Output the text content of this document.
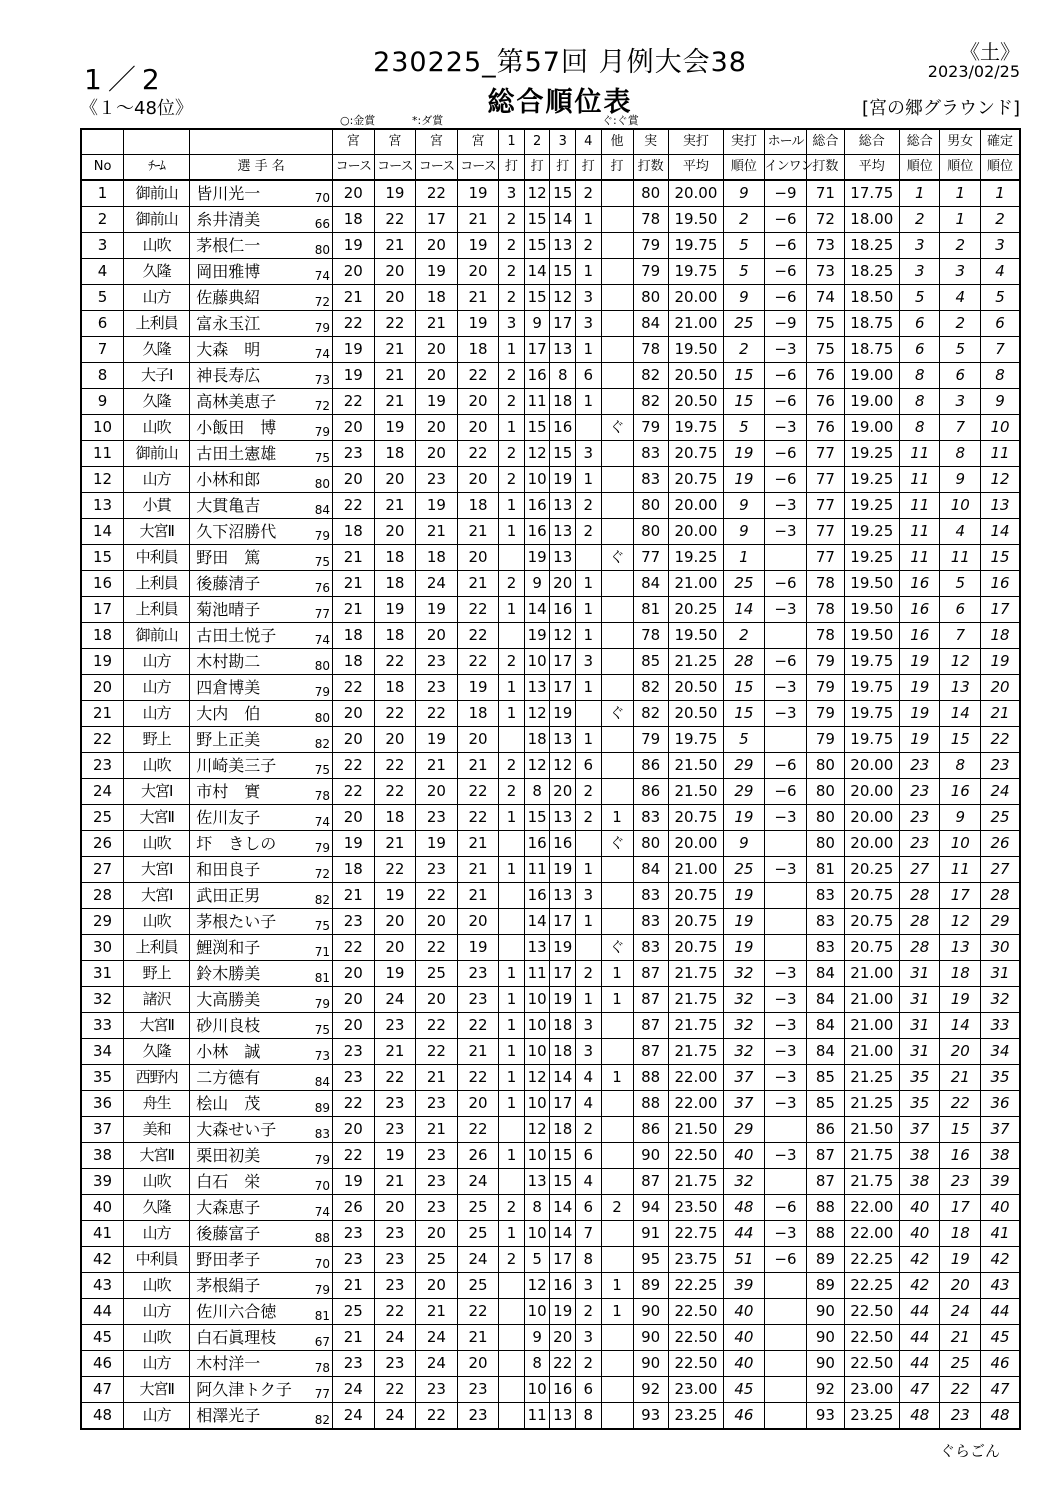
1／2
《１～48位》
230225_第57回 月例大会38
総合順位表
《土》
2023/02/25
[宮の郷グラウンド]
○:金賞	*:ダ賞	ぐ:ぐ賞
			宮	宮	宮	宮	1	2	3	4	他	実	実打	実打	ホール	総合	総合	総合	男女	確定
No	ﾁｰﾑ	選 手 名	コース	コース	コース	コース	打	打	打	打	打	打数	平均	順位	インワン	打数	平均	順位	順位	順位
1	御前山	皆川光一 70	20	19	22	19	3	12	15	2		80	20.00	9	−9	71	17.75	1	1	1
2	御前山	糸井清美 66	18	22	17	21	2	15	14	1		78	19.50	2	−6	72	18.00	2	1	2
3	山吹	茅根仁一 80	19	21	20	19	2	15	13	2		79	19.75	5	−6	73	18.25	3	2	3
4	久隆	岡田雅博 74	20	20	19	20	2	14	15	1		79	19.75	5	−6	73	18.25	3	3	4
5	山方	佐藤典紹 72	21	20	18	21	2	15	12	3		80	20.00	9	−6	74	18.50	5	4	5
6	上利員	富永玉江 79	22	22	21	19	3	9	17	3		84	21.00	25	−9	75	18.75	6	2	6
7	久隆	大森　明 74	19	21	20	18	1	17	13	1		78	19.50	2	−3	75	18.75	6	5	7
8	大子Ⅰ	神長寿広 73	19	21	20	22	2	16	8	6		82	20.50	15	−6	76	19.00	8	6	8
9	久隆	高林美恵子 72	22	21	19	20	2	11	18	1		82	20.50	15	−6	76	19.00	8	3	9
10	山吹	小飯田　博 79	20	19	20	20	1	15	16		ぐ	79	19.75	5	−3	76	19.00	8	7	10
11	御前山	古田土憲雄 75	23	18	20	22	2	12	15	3		83	20.75	19	−6	77	19.25	11	8	11
12	山方	小林和郎 80	20	20	23	20	2	10	19	1		83	20.75	19	−6	77	19.25	11	9	12
13	小貫	大貫亀吉 84	22	21	19	18	1	16	13	2		80	20.00	9	−3	77	19.25	11	10	13
14	大宮Ⅱ	久下沼勝代 79	18	20	21	21	1	16	13	2		80	20.00	9	−3	77	19.25	11	4	14
15	中利員	野田　篤 75	21	18	18	20		19	13		ぐ	77	19.25	1		77	19.25	11	11	15
16	上利員	後藤清子 76	21	18	24	21	2	9	20	1		84	21.00	25	−6	78	19.50	16	5	16
17	上利員	菊池晴子 77	21	19	19	22	1	14	16	1		81	20.25	14	−3	78	19.50	16	6	17
18	御前山	古田土悦子 74	18	18	20	22		19	12	1		78	19.50	2		78	19.50	16	7	18
19	山方	木村勘二 80	18	22	23	22	2	10	17	3		85	21.25	28	−6	79	19.75	19	12	19
20	山方	四倉博美 79	22	18	23	19	1	13	17	1		82	20.50	15	−3	79	19.75	19	13	20
21	山方	大内　伯 80	20	22	22	18	1	12	19		ぐ	82	20.50	15	−3	79	19.75	19	14	21
22	野上	野上正美 82	20	20	19	20		18	13	1		79	19.75	5		79	19.75	19	15	22
23	山吹	川崎美三子 75	22	22	21	21	2	12	12	6		86	21.50	29	−6	80	20.00	23	8	23
24	大宮Ⅰ	市村　實 78	22	22	20	22	2	8	20	2		86	21.50	29	−6	80	20.00	23	16	24
25	大宮Ⅱ	佐川友子 74	20	18	23	22	1	15	13	2	1	83	20.75	19	−3	80	20.00	23	9	25
26	山吹	圷　きしの 79	19	21	19	21		16	16		ぐ	80	20.00	9		80	20.00	23	10	26
27	大宮Ⅰ	和田良子 72	18	22	23	21	1	11	19	1		84	21.00	25	−3	81	20.25	27	11	27
28	大宮Ⅰ	武田正男 82	21	19	22	21		16	13	3		83	20.75	19		83	20.75	28	17	28
29	山吹	茅根たい子 75	23	20	20	20		14	17	1		83	20.75	19		83	20.75	28	12	29
30	上利員	鯉渕和子 71	22	20	22	19		13	19		ぐ	83	20.75	19		83	20.75	28	13	30
31	野上	鈴木勝美 81	20	19	25	23	1	11	17	2	1	87	21.75	32	−3	84	21.00	31	18	31
32	諸沢	大高勝美 79	20	24	20	23	1	10	19	1	1	87	21.75	32	−3	84	21.00	31	19	32
33	大宮Ⅱ	砂川良枝 75	20	23	22	22	1	10	18	3		87	21.75	32	−3	84	21.00	31	14	33
34	久隆	小林　誠 73	23	21	22	21	1	10	18	3		87	21.75	32	−3	84	21.00	31	20	34
35	西野内	二方德有 84	23	22	21	22	1	12	14	4	1	88	22.00	37	−3	85	21.25	35	21	35
36	舟生	桧山　茂 89	22	23	23	20	1	10	17	4		88	22.00	37	−3	85	21.25	35	22	36
37	美和	大森せい子 83	20	23	21	22		12	18	2		86	21.50	29		86	21.50	37	15	37
38	大宮Ⅱ	栗田初美 79	22	19	23	26	1	10	15	6		90	22.50	40	−3	87	21.75	38	16	38
39	山吹	白石　栄 70	19	21	23	24		13	15	4		87	21.75	32		87	21.75	38	23	39
40	久隆	大森恵子 74	26	20	23	25	2	8	14	6	2	94	23.50	48	−6	88	22.00	40	17	40
41	山方	後藤富子 88	23	23	20	25	1	10	14	7		91	22.75	44	−3	88	22.00	40	18	41
42	中利員	野田孝子 70	23	23	25	24	2	5	17	8		95	23.75	51	−6	89	22.25	42	19	42
43	山吹	茅根絹子 79	21	23	20	25		12	16	3	1	89	22.25	39		89	22.25	42	20	43
44	山方	佐川六合徳 81	25	22	21	22		10	19	2	1	90	22.50	40		90	22.50	44	24	44
45	山吹	白石眞理枝 67	21	24	24	21		9	20	3		90	22.50	40		90	22.50	44	21	45
46	山方	木村洋一 78	23	23	24	20		8	22	2		90	22.50	40		90	22.50	44	25	46
47	大宮Ⅱ	阿久津トク子 77	24	22	23	23		10	16	6		92	23.00	45		92	23.00	47	22	47
48	山方	相澤光子 82	24	24	22	23		11	13	8		93	23.25	46		93	23.25	48	23	48
ぐらごん
